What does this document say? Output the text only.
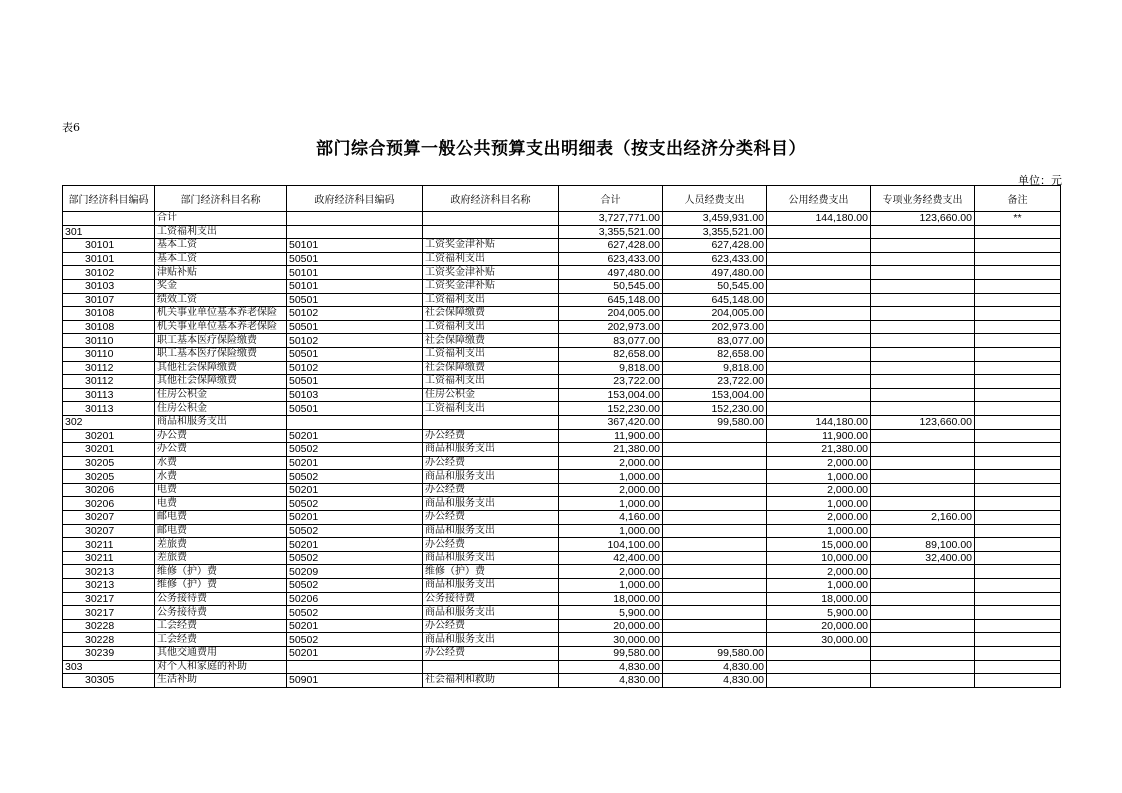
表6
部门综合预算一般公共预算支出明细表（按支出经济分类科目）
单位：元
部门经济科目编码	部门经济科目名称	政府经济科目编码	政府经济科目名称	合计	人员经费支出	公用经费支出	专项业务经费支出	备注
	合计			3,727,771.00	3,459,931.00	144,180.00	123,660.00	**
301	工资福利支出			3,355,521.00	3,355,521.00			
30101	基本工资	50101	工资奖金津补贴	627,428.00	627,428.00			
30101	基本工资	50501	工资福利支出	623,433.00	623,433.00			
30102	津贴补贴	50101	工资奖金津补贴	497,480.00	497,480.00			
30103	奖金	50101	工资奖金津补贴	50,545.00	50,545.00			
30107	绩效工资	50501	工资福利支出	645,148.00	645,148.00			
30108	机关事业单位基本养老保险	50102	社会保障缴费	204,005.00	204,005.00			
30108	机关事业单位基本养老保险	50501	工资福利支出	202,973.00	202,973.00			
30110	职工基本医疗保险缴费	50102	社会保障缴费	83,077.00	83,077.00			
30110	职工基本医疗保险缴费	50501	工资福利支出	82,658.00	82,658.00			
30112	其他社会保障缴费	50102	社会保障缴费	9,818.00	9,818.00			
30112	其他社会保障缴费	50501	工资福利支出	23,722.00	23,722.00			
30113	住房公积金	50103	住房公积金	153,004.00	153,004.00			
30113	住房公积金	50501	工资福利支出	152,230.00	152,230.00			
302	商品和服务支出			367,420.00	99,580.00	144,180.00	123,660.00	
30201	办公费	50201	办公经费	11,900.00		11,900.00		
30201	办公费	50502	商品和服务支出	21,380.00		21,380.00		
30205	水费	50201	办公经费	2,000.00		2,000.00		
30205	水费	50502	商品和服务支出	1,000.00		1,000.00		
30206	电费	50201	办公经费	2,000.00		2,000.00		
30206	电费	50502	商品和服务支出	1,000.00		1,000.00		
30207	邮电费	50201	办公经费	4,160.00		2,000.00	2,160.00	
30207	邮电费	50502	商品和服务支出	1,000.00		1,000.00		
30211	差旅费	50201	办公经费	104,100.00		15,000.00	89,100.00	
30211	差旅费	50502	商品和服务支出	42,400.00		10,000.00	32,400.00	
30213	维修（护）费	50209	维修（护）费	2,000.00		2,000.00		
30213	维修（护）费	50502	商品和服务支出	1,000.00		1,000.00		
30217	公务接待费	50206	公务接待费	18,000.00		18,000.00		
30217	公务接待费	50502	商品和服务支出	5,900.00		5,900.00		
30228	工会经费	50201	办公经费	20,000.00		20,000.00		
30228	工会经费	50502	商品和服务支出	30,000.00		30,000.00		
30239	其他交通费用	50201	办公经费	99,580.00	99,580.00			
303	对个人和家庭的补助			4,830.00	4,830.00			
30305	生活补助	50901	社会福利和救助	4,830.00	4,830.00			
